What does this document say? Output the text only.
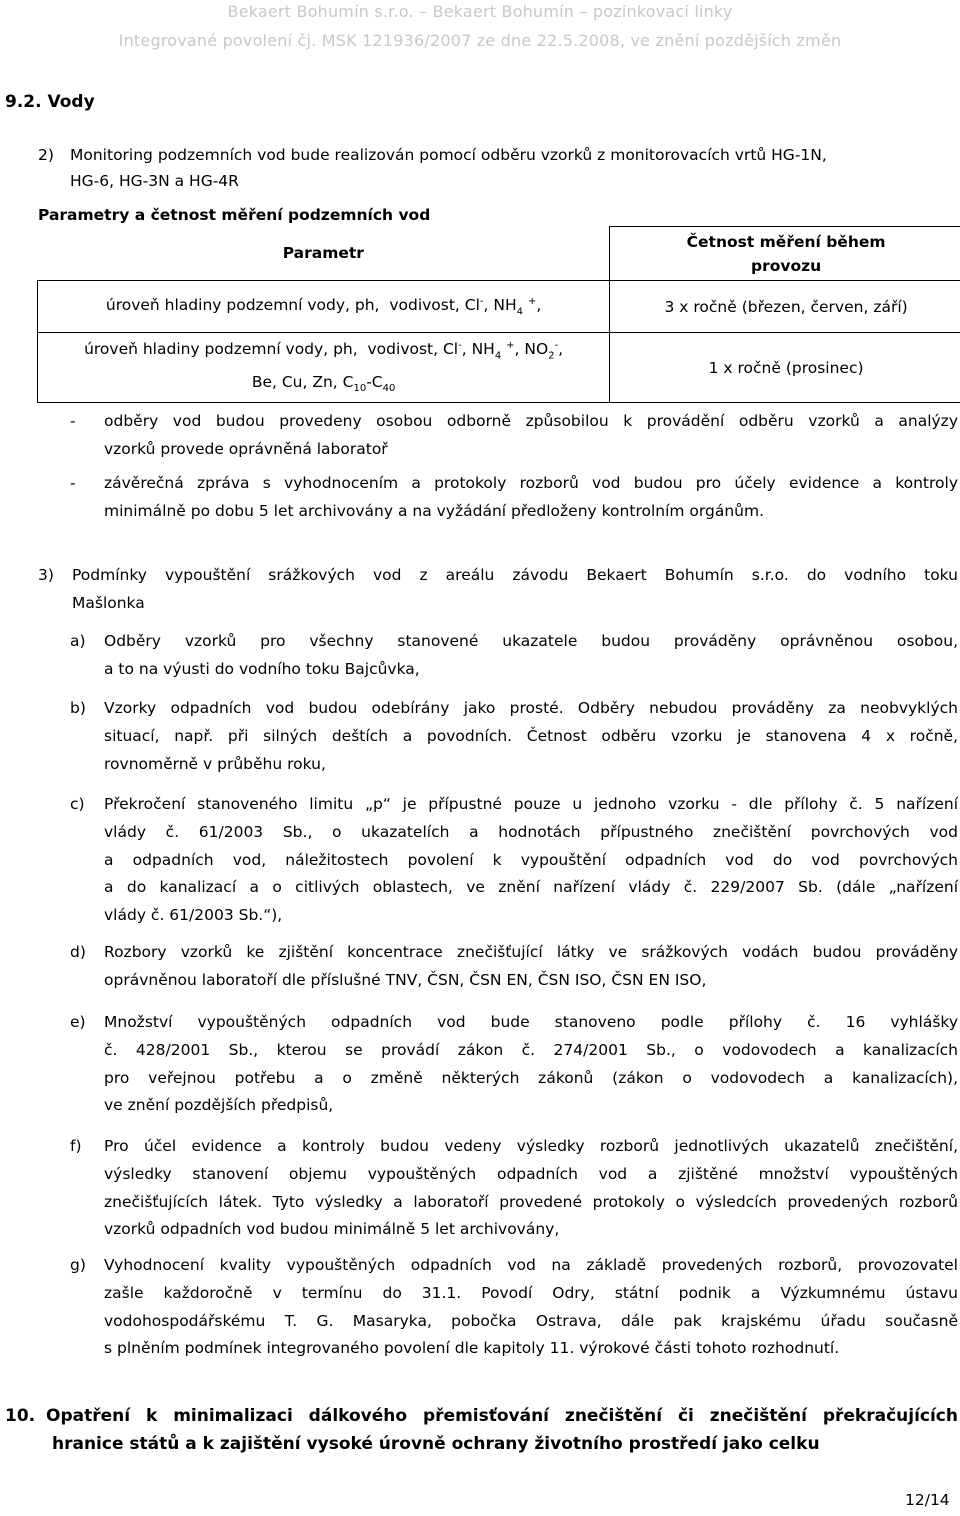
Bekaert Bohumín s.r.o. – Bekaert Bohumín – pozinkovací linky
Integrované povolení čj. MSK 121936/2007 ze dne 22.5.2008, ve znění pozdějších změn
9.2. Vody
2) Monitoring podzemních vod bude realizován pomocí odběru vzorků z monitorovacích vrtů HG-1N,
HG-6, HG-3N a HG-4R
Parametry a četnost měření podzemních vod
Parametr	Četnost měření během
provozu
úroveň hladiny podzemní vody, ph,  vodivost, Cl-, $NH_4$ +,	3 x ročně (březen, červen, září)
úroveň hladiny podzemní vody, ph,  vodivost, Cl-, $NH_4$ +, $NO_2^-$,
Be, Cu, Zn, $C_{10}-C_{40}$	1 x ročně (prosinec)
- odběry vod budou provedeny osobou odborně způsobilou k provádění odběru vzorků a analýzy
vzorků provede oprávněná laboratoř
- závěrečná zpráva s vyhodnocením a protokoly rozborů vod budou pro účely evidence a kontroly
minimálně po dobu 5 let archivovány a na vyžádání předloženy kontrolním orgánům.
3) Podmínky vypouštění srážkových vod z areálu závodu Bekaert Bohumín s.r.o. do vodního toku
Mašlonka
a) Odběry vzorků pro všechny stanovené ukazatele budou prováděny oprávněnou osobou,
a to na výusti do vodního toku Bajcůvka,
b) Vzorky odpadních vod budou odebírány jako prosté. Odběry nebudou prováděny za neobvyklých
situací, např. při silných deštích a povodních. Četnost odběru vzorku je stanovena 4 x ročně,
rovnoměrně v průběhu roku,
c) Překročení stanoveného limitu „p“ je přípustné pouze u jednoho vzorku - dle přílohy č. 5 nařízení
vlády č. 61/2003 Sb., o ukazatelích a hodnotách přípustného znečištění povrchových vod
a odpadních vod, náležitostech povolení k vypouštění odpadních vod do vod povrchových
a do kanalizací a o citlivých oblastech, ve znění nařízení vlády č. 229/2007 Sb. (dále „nařízení
vlády č. 61/2003 Sb.“),
d) Rozbory vzorků ke zjištění koncentrace znečišťující látky ve srážkových vodách budou prováděny
oprávněnou laboratoří dle příslušné TNV, ČSN, ČSN EN, ČSN ISO, ČSN EN ISO,
e) Množství vypouštěných odpadních vod bude stanoveno podle přílohy č. 16 vyhlášky
č. 428/2001 Sb., kterou se provádí zákon č. 274/2001 Sb., o vodovodech a kanalizacích
pro veřejnou potřebu a o změně některých zákonů (zákon o vodovodech a kanalizacích),
ve znění pozdějších předpisů,
f) Pro účel evidence a kontroly budou vedeny výsledky rozborů jednotlivých ukazatelů znečištění,
výsledky stanovení objemu vypouštěných odpadních vod a zjištěné množství vypouštěných
znečišťujících látek. Tyto výsledky a laboratoří provedené protokoly o výsledcích provedených rozborů
vzorků odpadních vod budou minimálně 5 let archivovány,
g) Vyhodnocení kvality vypouštěných odpadních vod na základě provedených rozborů, provozovatel
zašle každoročně v termínu do 31.1. Povodí Odry, státní podnik a Výzkumnému ústavu
vodohospodářskému T. G. Masaryka, pobočka Ostrava, dále pak krajskému úřadu současně
s plněním podmínek integrovaného povolení dle kapitoly 11. výrokové části tohoto rozhodnutí.
10. Opatření k minimalizaci dálkového přemisťování znečištění či znečištění překračujících
hranice států a k zajištění vysoké úrovně ochrany životního prostředí jako celku
12/14
